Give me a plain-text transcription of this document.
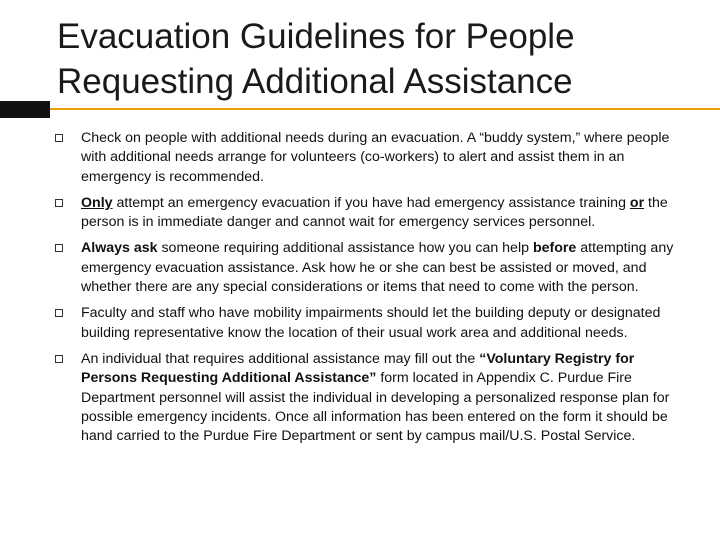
Evacuation Guidelines for People
Requesting Additional Assistance
Check on people with additional needs during an evacuation. A “buddy system,” where people with additional needs arrange for volunteers (co-workers) to alert and assist them in an emergency is recommended.
Only attempt an emergency evacuation if you have had emergency assistance training or the person is in immediate danger and cannot wait for emergency services personnel.
Always ask someone requiring additional assistance how you can help before attempting any emergency evacuation assistance. Ask how he or she can best be assisted or moved, and whether there are any special considerations or items that need to come with the person.
Faculty and staff who have mobility impairments should let the building deputy or designated building representative know the location of their usual work area and additional needs.
An individual that requires additional assistance may fill out the “Voluntary Registry for Persons Requesting Additional Assistance” form located in Appendix C. Purdue Fire Department personnel will assist the individual in developing a personalized response plan for possible emergency incidents. Once all information has been entered on the form it should be hand carried to the Purdue Fire Department or sent by campus mail/U.S. Postal Service.
